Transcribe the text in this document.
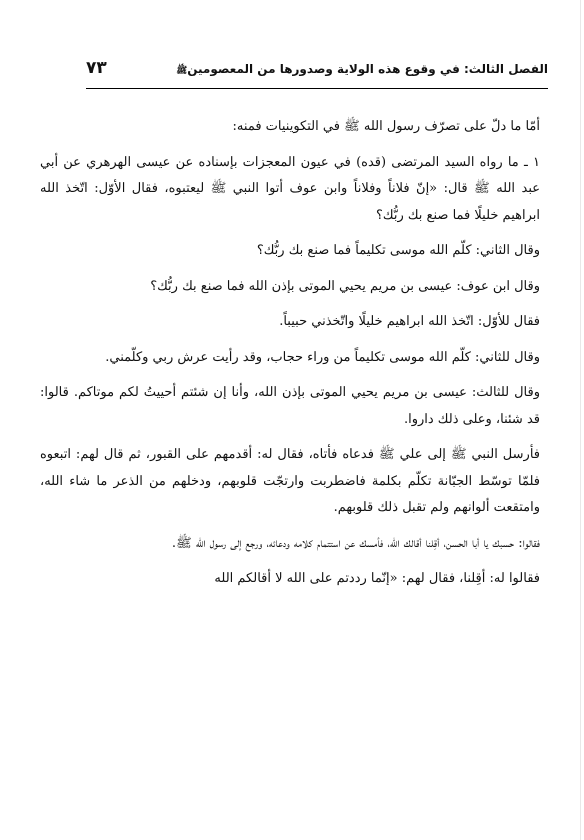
الفصل الثالث: في وقوع هذه الولاية وصدورها من المعصومينﷺ
٧٣

أمّا ما دلّ على تصرّف رسول الله ﷺ في التكوينيات فمنه:

١ ـ ما رواه السيد المرتضى (قده) في عيون المعجزات بإسناده عن عيسى الهرهري عن أبي عبد الله ﷺ قال: «إنّ فلاناً وفلاناً وابن عوف أتوا النبي ﷺ ليعتبوه، فقال الأوّل: اتّخذ الله ابراهيم خليلًا فما صنع بك ربُّك؟

وقال الثاني: كلّم الله موسى تكليماً فما صنع بك ربُّك؟

وقال ابن عوف: عيسى بن مريم يحيي الموتى بإذن الله فما صنع بك ربُّك؟

فقال للأوّل: اتّخذ الله ابراهيم خليلًا واتّخذني حبيباً.

وقال للثاني: كلّم الله موسى تكليماً من وراء حجاب، وقد رأيت عرش ربي وكلّمني.

وقال للثالث: عيسى بن مريم يحيي الموتى بإذن الله، وأنا إن شئتم أحييتُ لكم موتاكم. قالوا: قد شئنا، وعلى ذلك داروا.

فأرسل النبي ﷺ إلى علي ﷺ فدعاه فأتاه، فقال له: أقدمهم على القبور، ثم قال لهم: اتبعوه فلمّا توسّط الجبّانة تكلّم بكلمة فاضطربت وارتجّت قلوبهم، ودخلهم من الذعر ما شاء الله، وامتقعت ألوانهم ولم تقبل ذلك قلوبهم.

فقالوا: حسبك يا أبا الحسن، أقِلنا أقالك الله، فأمسك عن استتمام كلامه ودعائه، ورجع إلى رسول الله ﷺ.

فقالوا له: أقِلنا، فقال لهم: «إنّما رددتم على الله لا أقالكم الله
